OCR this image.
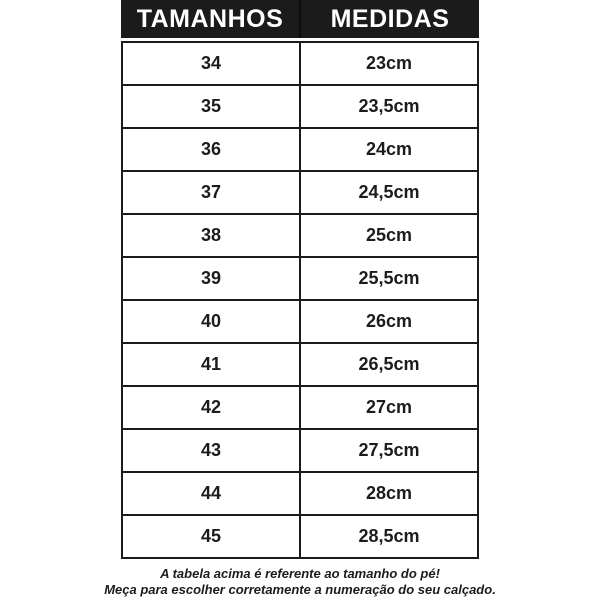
TAMANHOS	MEDIDAS
34	23cm
35	23,5cm
36	24cm
37	24,5cm
38	25cm
39	25,5cm
40	26cm
41	26,5cm
42	27cm
43	27,5cm
44	28cm
45	28,5cm
A tabela acima é referente ao tamanho do pé!
Meça para escolher corretamente a numeração do seu calçado.
